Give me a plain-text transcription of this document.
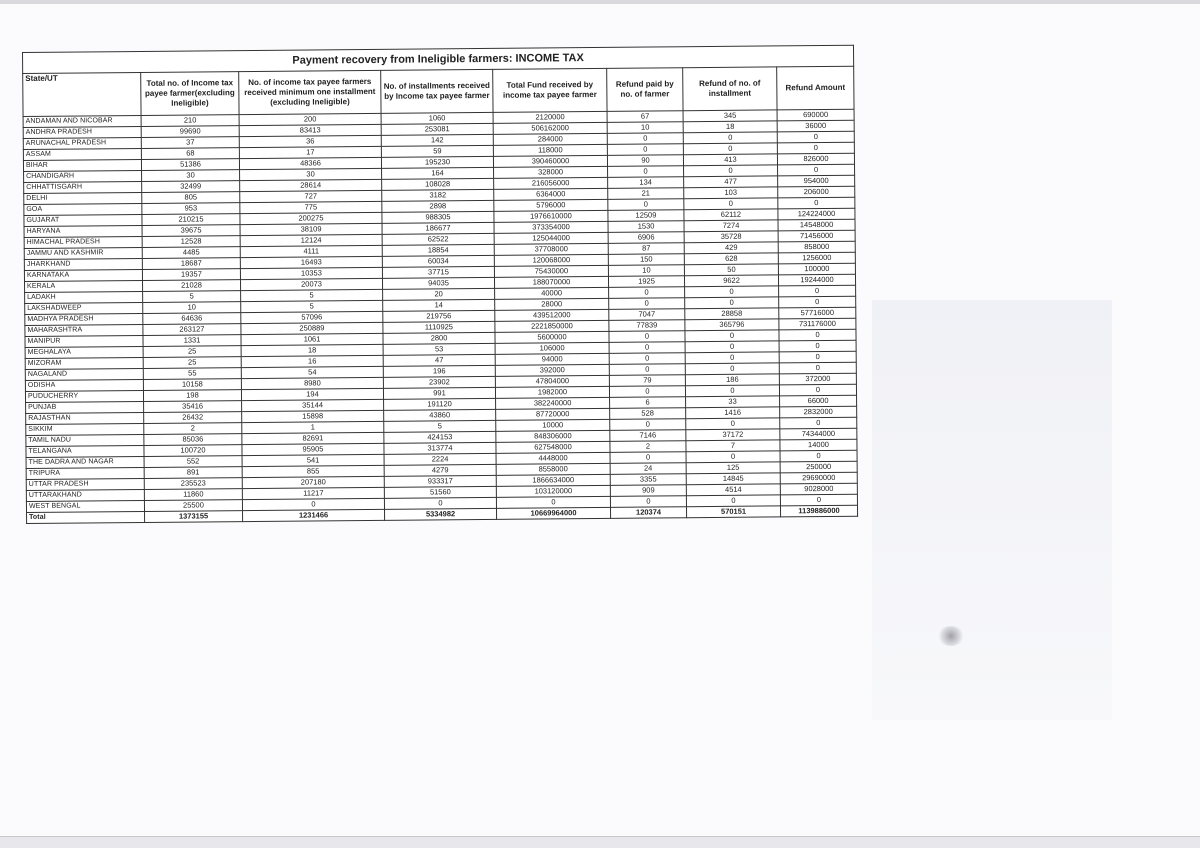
Payment recovery from Ineligible farmers: INCOME TAX							
State/UT	Total no. of Income tax payee farmer(excluding Ineligible)	No. of income tax payee farmers received minimum one installment (excluding Ineligible)	No. of installments received by Income tax payee farmer	Total Fund received by income tax payee farmer	Refund paid by no. of farmer	Refund of no. of installment	Refund Amount
ANDAMAN AND NICOBAR	210	200	1060	2120000	67	345	690000
ANDHRA PRADESH	99690	83413	253081	506162000	10	18	36000
ARUNACHAL PRADESH	37	36	142	284000	0	0	0
ASSAM	68	17	59	118000	0	0	0
BIHAR	51386	48366	195230	390460000	90	413	826000
CHANDIGARH	30	30	164	328000	0	0	0
CHHATTISGARH	32499	28614	108028	216056000	134	477	954000
DELHI	805	727	3182	6364000	21	103	206000
GOA	953	775	2898	5796000	0	0	0
GUJARAT	210215	200275	988305	1976610000	12509	62112	124224000
HARYANA	39675	38109	186677	373354000	1530	7274	14548000
HIMACHAL PRADESH	12528	12124	62522	125044000	6906	35728	71456000
JAMMU AND KASHMIR	4485	4111	18854	37708000	87	429	858000
JHARKHAND	18687	16493	60034	120068000	150	628	1256000
KARNATAKA	19357	10353	37715	75430000	10	50	100000
KERALA	21028	20073	94035	188070000	1925	9622	19244000
LADAKH	5	5	20	40000	0	0	0
LAKSHADWEEP	10	5	14	28000	0	0	0
MADHYA PRADESH	64636	57096	219756	439512000	7047	28858	57716000
MAHARASHTRA	263127	250889	1110925	2221850000	77839	365796	731176000
MANIPUR	1331	1061	2800	5600000	0	0	0
MEGHALAYA	25	18	53	106000	0	0	0
MIZORAM	25	16	47	94000	0	0	0
NAGALAND	55	54	196	392000	0	0	0
ODISHA	10158	8980	23902	47804000	79	186	372000
PUDUCHERRY	198	194	991	1982000	0	0	0
PUNJAB	35416	35144	191120	382240000	6	33	66000
RAJASTHAN	26432	15898	43860	87720000	528	1416	2832000
SIKKIM	2	1	5	10000	0	0	0
TAMIL NADU	85036	82691	424153	848306000	7146	37172	74344000
TELANGANA	100720	95905	313774	627548000	2	7	14000
THE DADRA AND NAGAR	552	541	2224	4448000	0	0	0
TRIPURA	891	855	4279	8558000	24	125	250000
UTTAR PRADESH	235523	207180	933317	1866634000	3355	14845	29690000
UTTARAKHAND	11860	11217	51560	103120000	909	4514	9028000
WEST BENGAL	25500	0	0	0	0	0	0
Total	1373155	1231466	5334982	10669964000	120374	570151	1139886000
